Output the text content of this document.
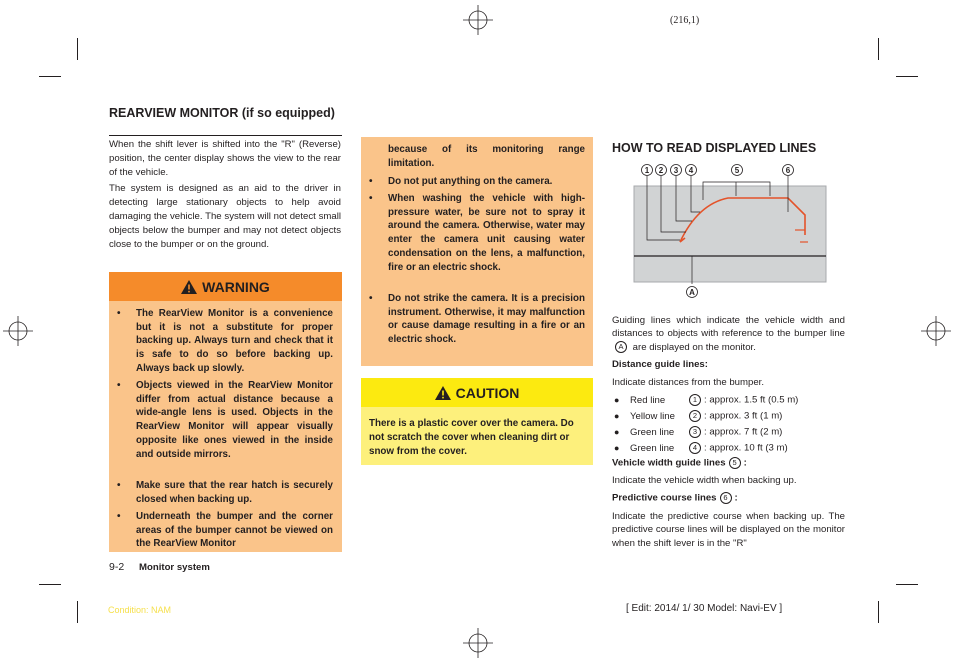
(216,1)
REARVIEW MONITOR (if so equipped)
When the shift lever is shifted into the "R" (Reverse) position, the center display shows the view to the rear of the vehicle.
The system is designed as an aid to the driver in detecting large stationary objects to help avoid damaging the vehicle. The system will not detect small objects below the bumper and may not detect objects close to the bumper or on the ground.
WARNING
• The RearView Monitor is a convenience but it is not a substitute for proper backing up. Always turn and check that it is safe to do so before backing up. Always back up slowly.
• Objects viewed in the RearView Monitor differ from actual distance because a wide-angle lens is used. Objects in the RearView Monitor will appear visually opposite like ones viewed in the inside and outside mirrors.
• Make sure that the rear hatch is securely closed when backing up.
• Underneath the bumper and the corner areas of the bumper cannot be viewed on the RearView Monitor
because of its monitoring range limitation.
• Do not put anything on the camera.
• When washing the vehicle with high-pressure water, be sure not to spray it around the camera. Otherwise, water may enter the camera unit causing water condensation on the lens, a malfunction, fire or an electric shock.
• Do not strike the camera. It is a precision instrument. Otherwise, it may malfunction or cause damage resulting in a fire or an electric shock.
CAUTION
There is a plastic cover over the camera. Do not scratch the cover when cleaning dirt or snow from the cover.
HOW TO READ DISPLAYED LINES
1 2 3 4	5	6
A
Guiding lines which indicate the vehicle width and distances to objects with reference to the bumper line A are displayed on the monitor.
Distance guide lines:
Indicate distances from the bumper.
● Red line	1 : approx. 1.5 ft (0.5 m)
● Yellow line 2 : approx. 3 ft (1 m)
● Green line 3 : approx. 7 ft (2 m)
● Green line 4 : approx. 10 ft (3 m)
Vehicle width guide lines 5 :
Indicate the vehicle width when backing up.
Predictive course lines 6 :
Indicate the predictive course when backing up. The predictive course lines will be displayed on the monitor when the shift lever is in the "R"
9-2 Monitor system
Condition: NAM	[ Edit: 2014/ 1/ 30 Model: Navi-EV ]
